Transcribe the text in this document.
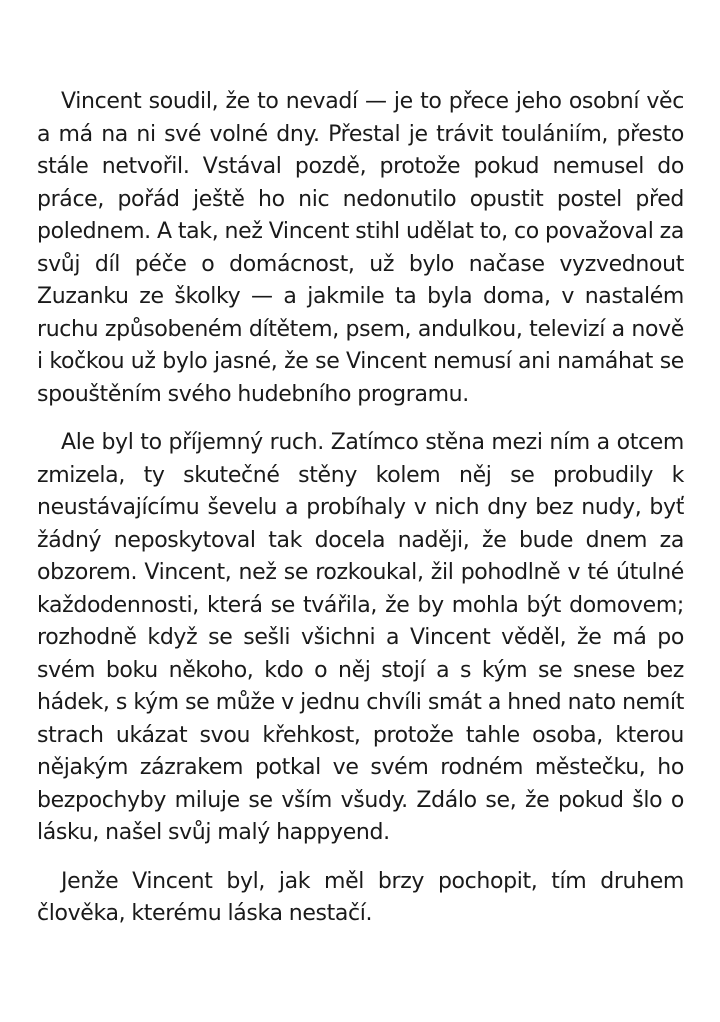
Vincent soudil, že to nevadí — je to přece jeho osobní věc a má na ni své volné dny. Přestal je trávit toulániím, přesto stále netvořil. Vstával pozdě, protože pokud nemusel do práce, pořád ještě ho nic nedonutilo opustit postel před polednem. A tak, než Vincent stihl udělat to, co považoval za svůj díl péče o domácnost, už bylo načase vyzvednout Zuzanku ze školky — a jakmile ta byla doma, v nastalém ruchu způsobeném dítětem, psem, andulkou, televizí a nově i kočkou už bylo jasné, že se Vincent nemusí ani namáhat se spouštěním svého hudebního programu.

Ale byl to příjemný ruch. Zatímco stěna mezi ním a otcem zmizela, ty skutečné stěny kolem něj se probudily k neustávajícímu ševelu a probíhaly v nich dny bez nudy, byť žádný neposkytoval tak docela naději, že bude dnem za obzorem. Vincent, než se rozkoukal, žil pohodlně v té útulné každodennosti, která se tvářila, že by mohla být domovem; rozhodně když se sešli všichni a Vincent věděl, že má po svém boku někoho, kdo o něj stojí a s kým se snese bez hádek, s kým se může v jednu chvíli smát a hned nato nemít strach ukázat svou křehkost, protože tahle osoba, kterou nějakým zázrakem potkal ve svém rodném městečku, ho bezpochyby miluje se vším všudy. Zdálo se, že pokud šlo o lásku, našel svůj malý happyend.

Jenže Vincent byl, jak měl brzy pochopit, tím druhem člověka, kterému láska nestačí.
